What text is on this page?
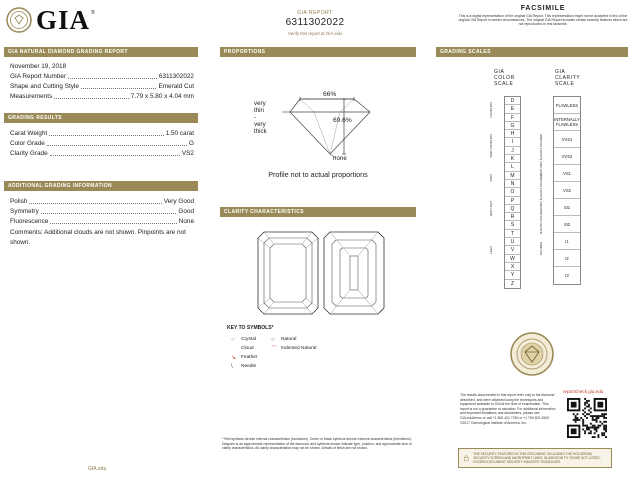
GIA ®	GIA REPORT
6311302022
Verify this report at GIA.edu
FACSIMILE
This is a digital representation of the original GIA Report. This representation might not be accepted in lieu of the original GIA Report in certain circumstances. The original GIA Report includes certain security features which are not reproduced on this facsimile.
GIA NATURAL DIAMOND GRADING REPORT
November 19, 2018
GIA Report Number	6311302022
Shape and Cutting Style	Emerald Cut
Measurements	7.79 x 5.80 x 4.04 mm
GRADING RESULTS
Carat Weight	1.50 carat
Color Grade	G
Clarity Grade	VS2
ADDITIONAL GRADING INFORMATION
Polish	Very Good
Symmetry	Good
Fluorescence	None
Comments: Additional clouds are not shown. Pinpoints are not shown.
GIA.edu
PROPORTIONS
very
thin
-
very
thick
66%
69.6%
none
Profile not to actual proportions
CLARITY CHARACTERISTICS
KEY TO SYMBOLS*
○	Crystal
·	Cloud
↘	Feather
\	Needle
○	Natural
⌒ Indented Natural
* Red symbols denote internal characteristics (inclusions). Green or black symbols denote external characteristics (blemishes). Diagram is an approximate representation of the diamond, and symbols shown indicate type, position, and approximate size of clarity characteristics. All clarity characteristics may not be shown. Details of finish are not shown.
GRADING SCALES
GIA
COLOR
SCALE
D
E
F
G
H
I
J
K
L
M
N
O
P
Q
R
S
T
U
V
W
X
Y
Z
COLORLESS
NEAR COLORLESS
FAINT
VERY LIGHT
LIGHT
GIA
CLARITY
SCALE
FLAWLESS
INTERNALLY FLAWLESS
VVS1
VVS2
VS1
VS2
SI1
SI2
I1
I2
I3
VERY VERY SLIGHTLY INCLUDED
VERY SLIGHTLY INCLUDED
SLIGHTLY INCLUDED
INCLUDED
reportcheck.gia.edu
The results documented in this report refer only to the diamond described, and were obtained using the techniques and equipment available to GIA at the time of examination. This report is not a guarantee or valuation. For additional information and important limitations and disclaimers, please see GIA.edu/terms or call +1 800 421 7250 or +1 760 603 4500. ©2017 Gemological Institute of America, Inc.
THE SECURITY FEATURES IN THIS DOCUMENT, INCLUDING THE HOLOGRAM, SECURITY SCREEN AND MICROPRINT LINES, IN ADDITION TO THOSE NOT LISTED, EXCEED DOCUMENT SECURITY INDUSTRY GUIDELINES.
